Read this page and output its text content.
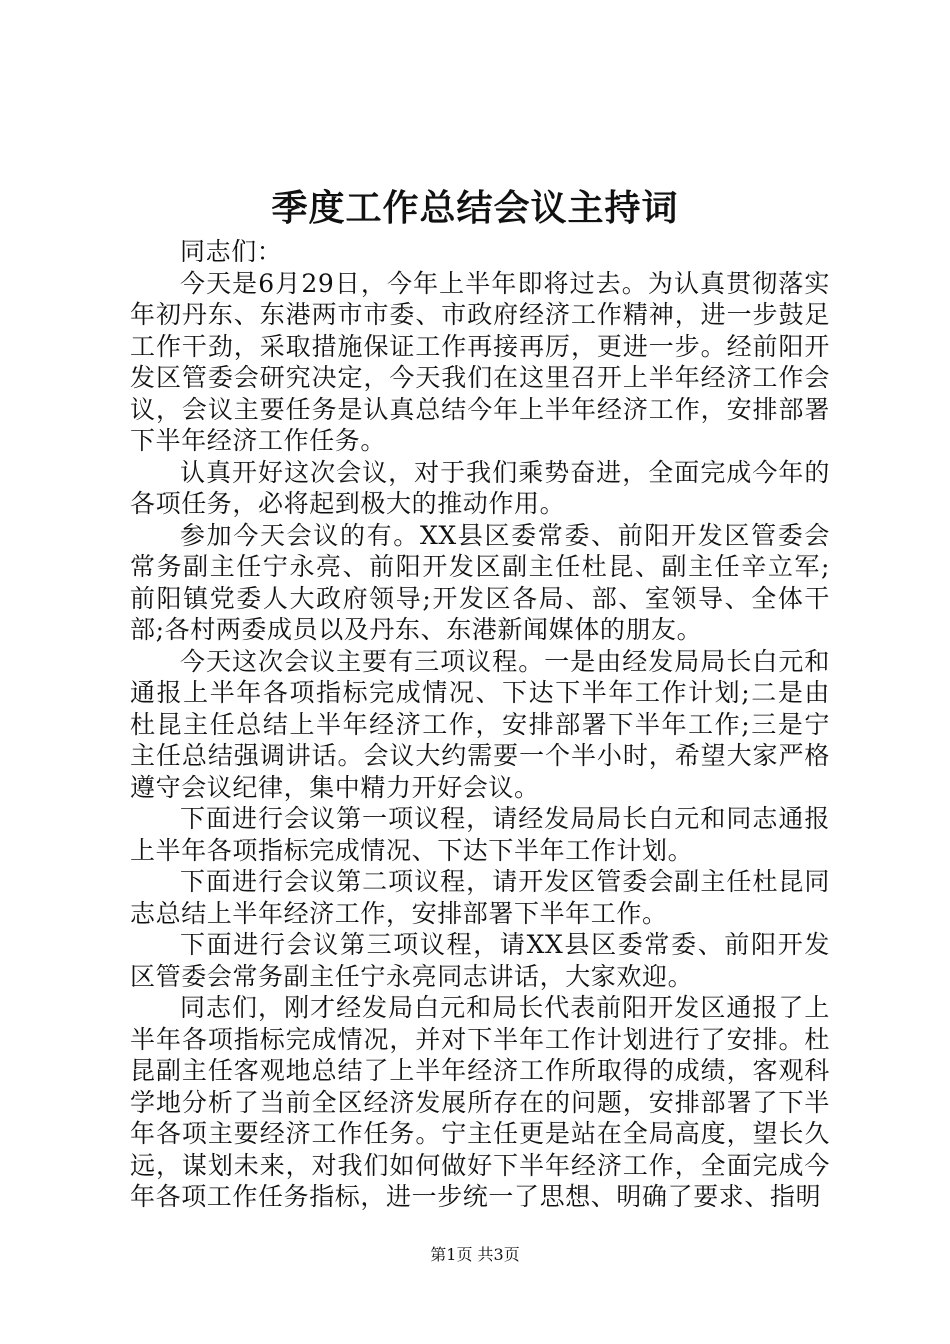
季度工作总结会议主持词

同志们：

今天是6月29日，今年上半年即将过去。为认真贯彻落实年初丹东、东港两市市委、市政府经济工作精神，进一步鼓足工作干劲，采取措施保证工作再接再厉，更进一步。经前阳开发区管委会研究决定，今天我们在这里召开上半年经济工作会议，会议主要任务是认真总结今年上半年经济工作，安排部署下半年经济工作任务。

认真开好这次会议，对于我们乘势奋进，全面完成今年的各项任务，必将起到极大的推动作用。

参加今天会议的有。XX县区委常委、前阳开发区管委会常务副主任宁永亮、前阳开发区副主任杜昆、副主任辛立军;前阳镇党委人大政府领导;开发区各局、部、室领导、全体干部;各村两委成员以及丹东、东港新闻媒体的朋友。

今天这次会议主要有三项议程。一是由经发局局长白元和通报上半年各项指标完成情况、下达下半年工作计划;二是由杜昆主任总结上半年经济工作，安排部署下半年工作;三是宁主任总结强调讲话。会议大约需要一个半小时，希望大家严格遵守会议纪律，集中精力开好会议。

下面进行会议第一项议程，请经发局局长白元和同志通报上半年各项指标完成情况、下达下半年工作计划。

下面进行会议第二项议程，请开发区管委会副主任杜昆同志总结上半年经济工作，安排部署下半年工作。

下面进行会议第三项议程，请XX县区委常委、前阳开发区管委会常务副主任宁永亮同志讲话，大家欢迎。

同志们，刚才经发局白元和局长代表前阳开发区通报了上半年各项指标完成情况，并对下半年工作计划进行了安排。杜昆副主任客观地总结了上半年经济工作所取得的成绩，客观科学地分析了当前全区经济发展所存在的问题，安排部署了下半年各项主要经济工作任务。宁主任更是站在全局高度，望长久远，谋划未来，对我们如何做好下半年经济工作，全面完成今年各项工作任务指标，进一步统一了思想、明确了要求、指明

第1页 共3页
